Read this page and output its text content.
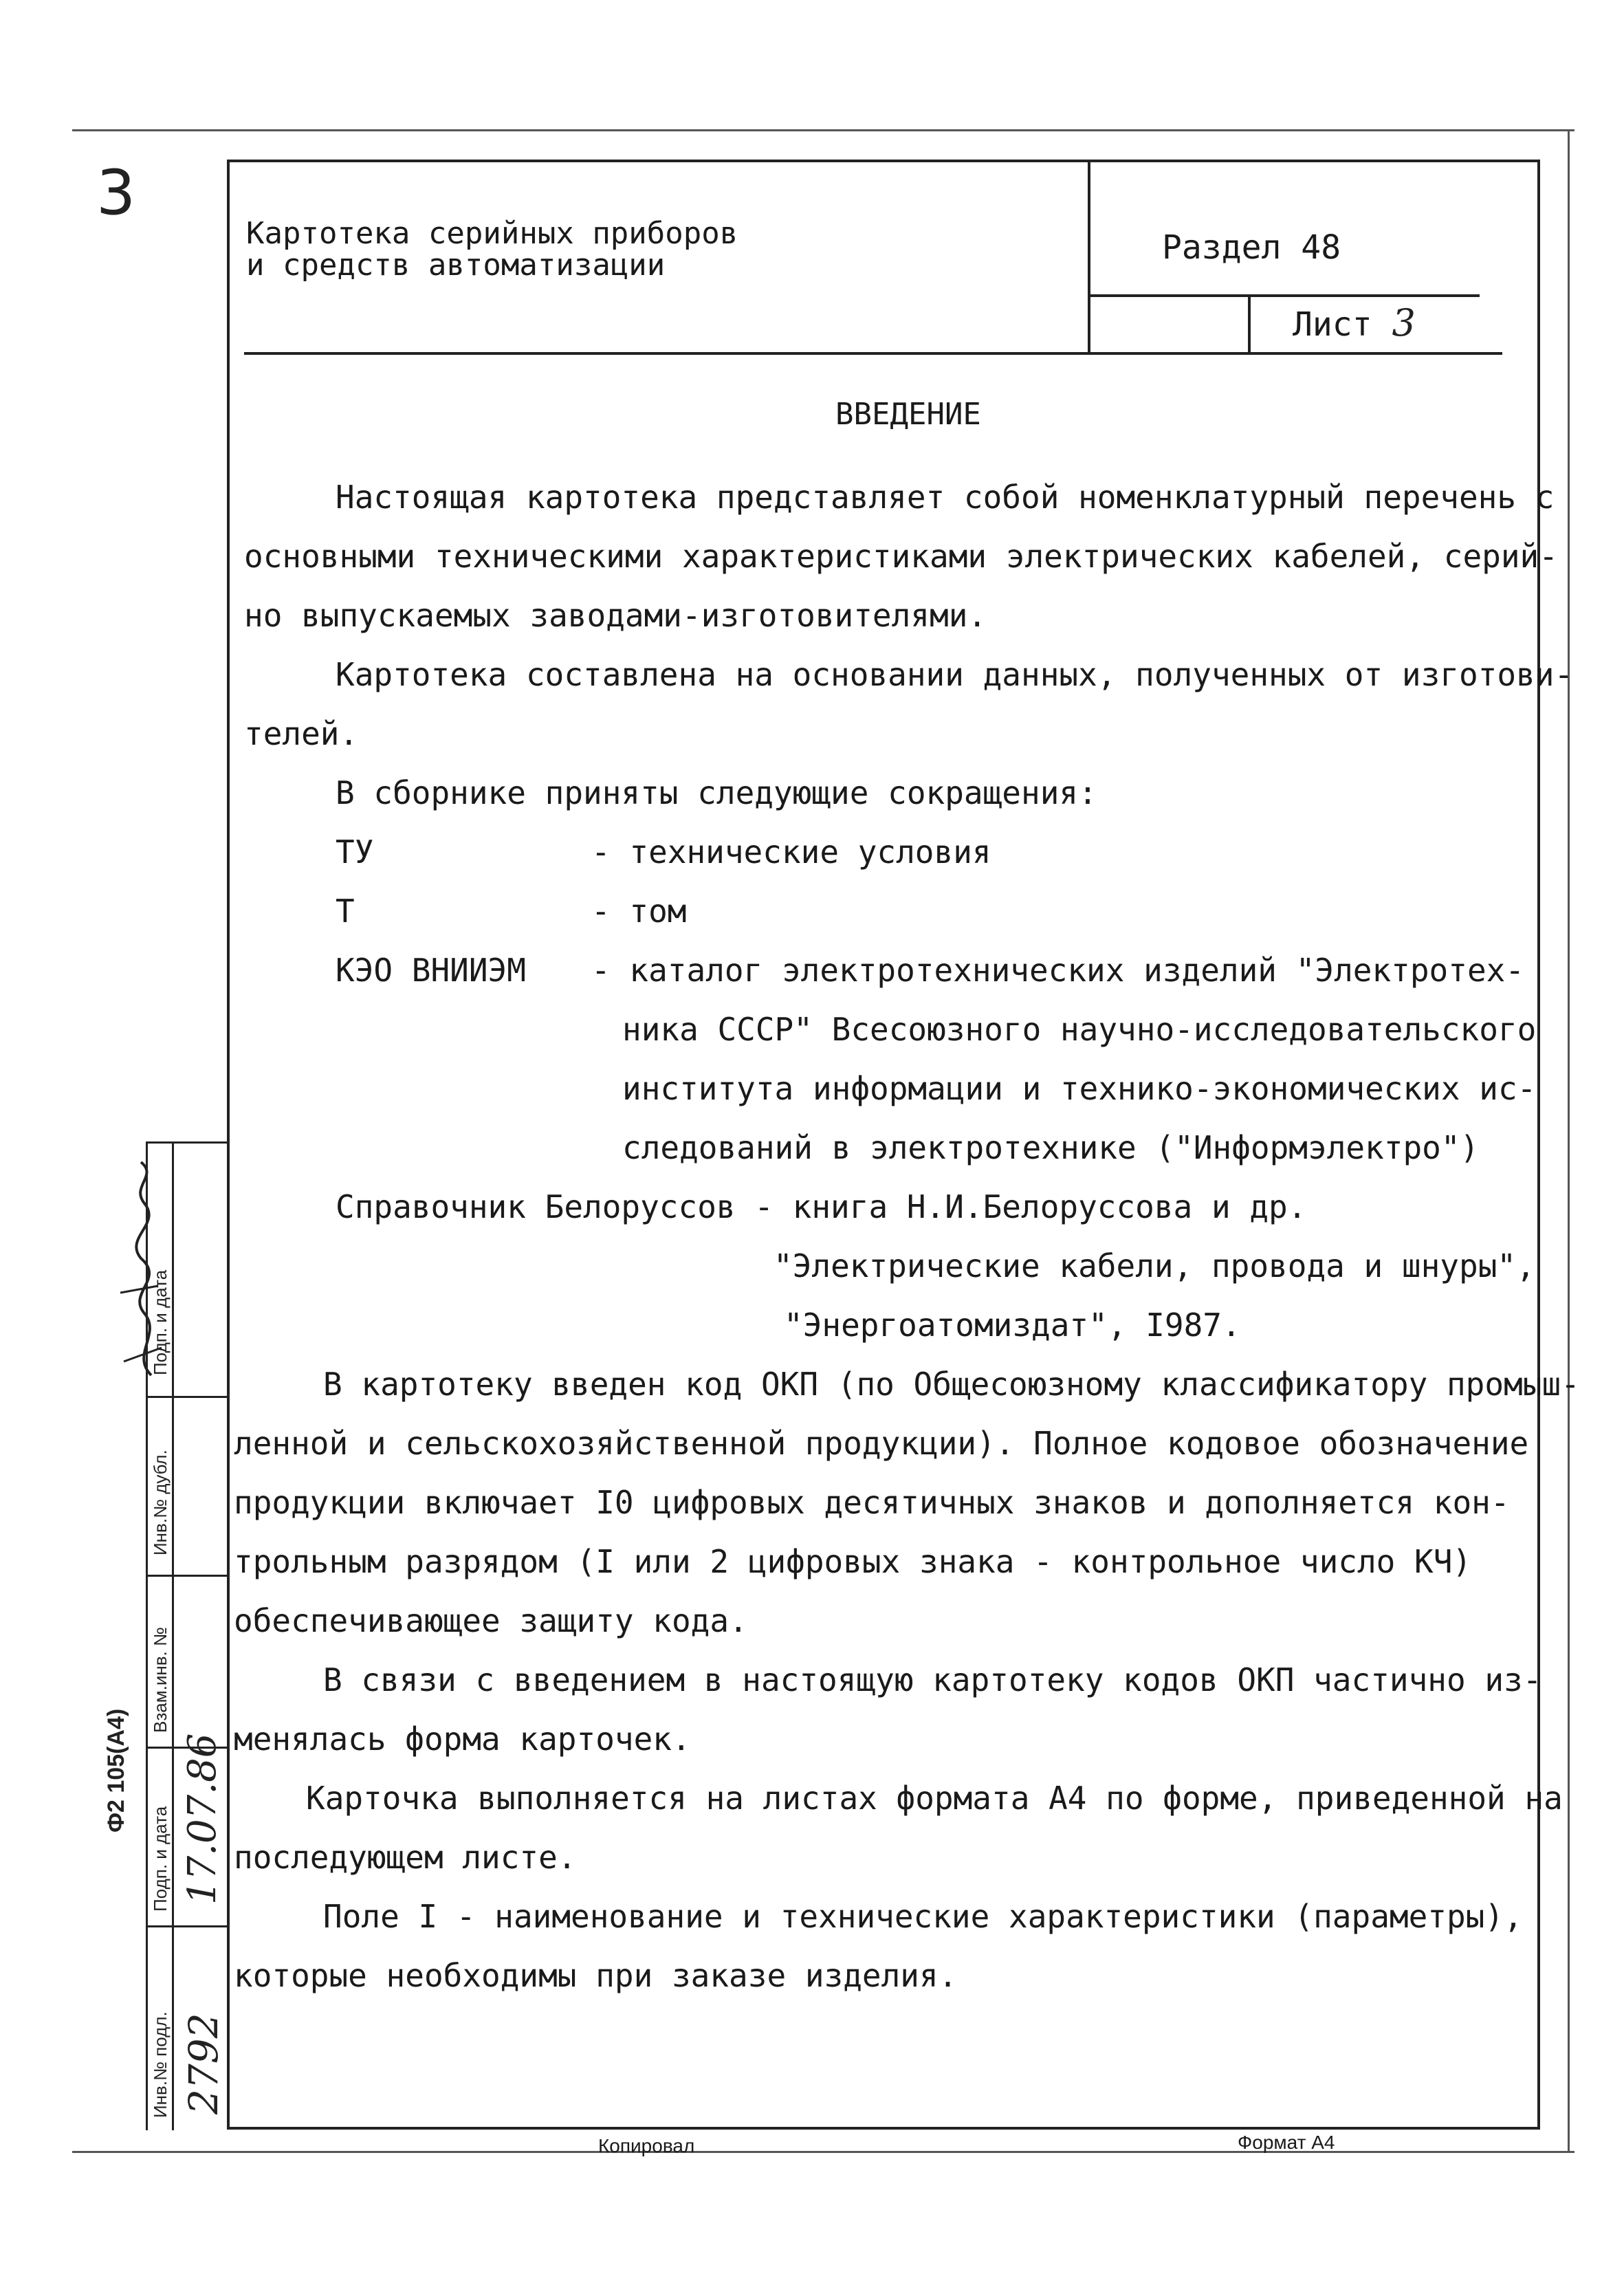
3
Картотека серийных приборов
и средств автоматизации	Раздел 48
Лист 3
ВВЕДЕНИЕ
Настоящая картотека представляет собой номенклатурный перечень с
основными техническими характеристиками электрических кабелей, серий-
но выпускаемых заводами-изготовителями.
Картотека составлена на основании данных, полученных от изготови-
телей.
В сборнике приняты следующие сокращения:
ТУ	- технические условия
Т	- том
КЭО ВНИИЭМ - каталог электротехнических изделий "Электротех-
ника СССР" Всесоюзного научно-исследовательского
института информации и технико-экономических ис-
следований в электротехнике ("Информэлектро")
Справочник Белоруссов - книга Н.И.Белоруссова и др.
"Электрические кабели, провода и шнуры",
"Энергоатомиздат", I987.
В картотеку введен код ОКП (по Общесоюзному классификатору промыш-
ленной и сельскохозяйственной продукции). Полное кодовое обозначение
продукции включает I0 цифровых десятичных знаков и дополняется кон-
трольным разрядом (I или 2 цифровых знака - контрольное число КЧ)
обеспечивающее защиту кода.
В связи с введением в настоящую картотеку кодов ОКП частично из-
менялась форма карточек.
Карточка выполняется на листах формата А4 по форме, приведенной на
последующем листе.
Поле I - наименование и технические характеристики (параметры),
которые необходимы при заказе изделия.
Подп. и дата
Инв.№ дубл.
Взам.инв. №
Подп. и дата
Инв.№ подл.
Ф2 105(А4)
2792
17.07.86
Копировал	Формат А4
